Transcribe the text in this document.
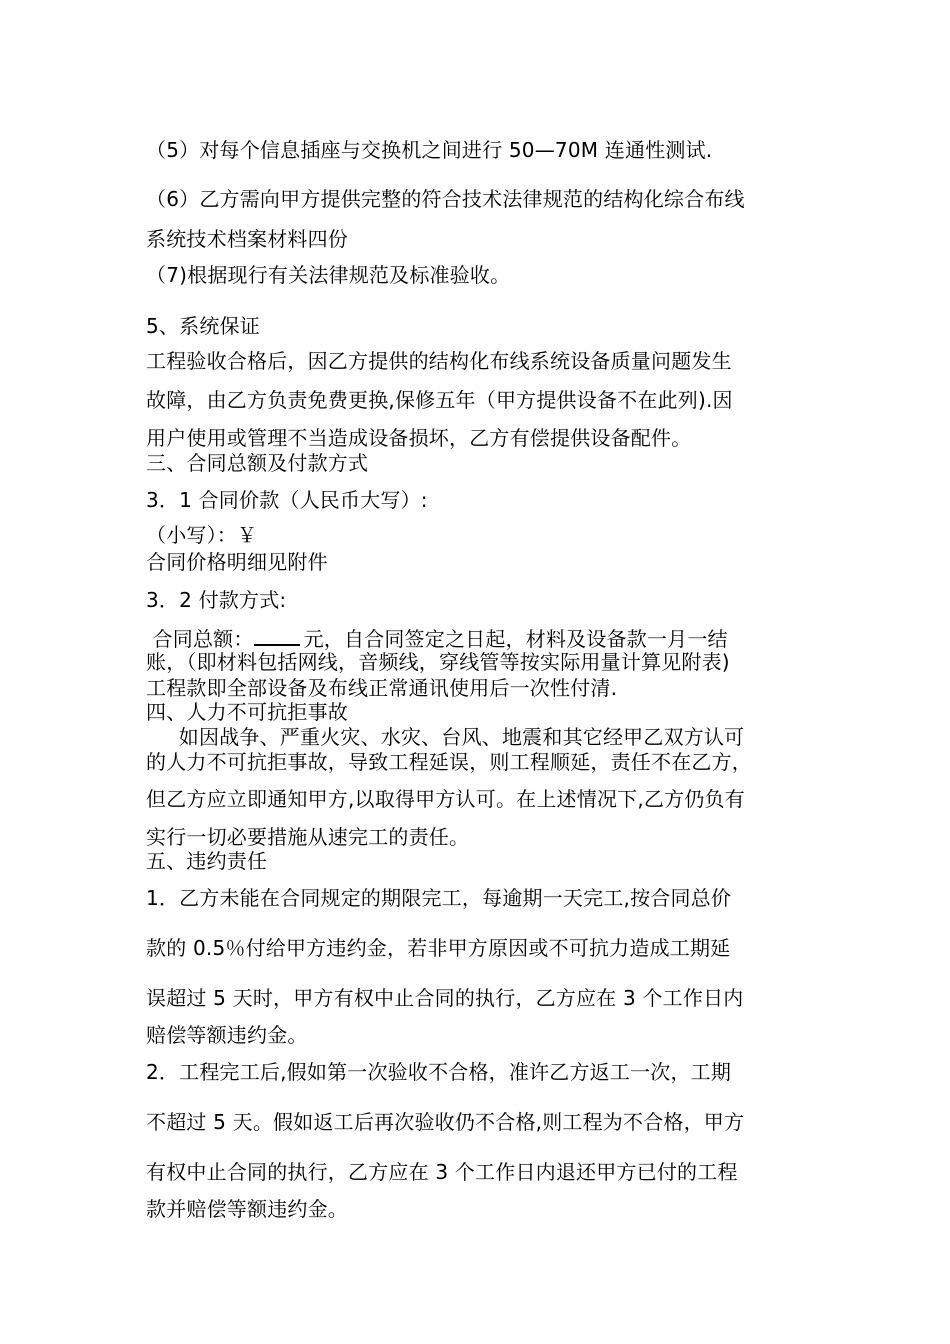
（5）对每个信息插座与交换机之间进行 50—70M 连通性测试.
（6）乙方需向甲方提供完整的符合技术法律规范的结构化综合布线
系统技术档案材料四份
（7)根据现行有关法律规范及标准验收。
5、系统保证
工程验收合格后，因乙方提供的结构化布线系统设备质量问题发生
故障，由乙方负责免费更换,保修五年（甲方提供设备不在此列).因
用户使用或管理不当造成设备损坏，乙方有偿提供设备配件。
三、合同总额及付款方式
3．1 合同价款（人民币大写）:
（小写）：￥
合同价格明细见附件
3．2 付款方式:
合同总额：	元，自合同签定之日起，材料及设备款一月一结
账，（即材料包括网线，音频线，穿线管等按实际用量计算见附表)
工程款即全部设备及布线正常通讯使用后一次性付清.
四、人力不可抗拒事故
如因战争、严重火灾、水灾、台风、地震和其它经甲乙双方认可
的人力不可抗拒事故，导致工程延误，则工程顺延，责任不在乙方，
但乙方应立即通知甲方,以取得甲方认可。在上述情况下,乙方仍负有
实行一切必要措施从速完工的责任。
五、违约责任
1．乙方未能在合同规定的期限完工，每逾期一天完工,按合同总价
款的 0.5％付给甲方违约金，若非甲方原因或不可抗力造成工期延
误超过 5 天时，甲方有权中止合同的执行，乙方应在 3 个工作日内
赔偿等额违约金。
2．工程完工后,假如第一次验收不合格，准许乙方返工一次，工期
不超过 5 天。假如返工后再次验收仍不合格,则工程为不合格，甲方
有权中止合同的执行，乙方应在 3 个工作日内退还甲方已付的工程
款并赔偿等额违约金。
